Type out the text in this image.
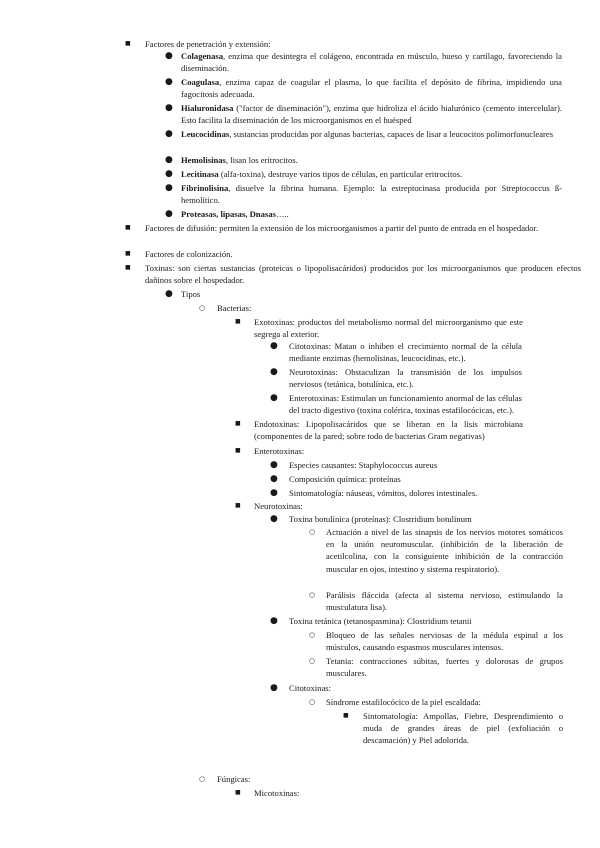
■ Factores de penetración y extensión:

● Colagenasa, enzima que desintegra el colágeno, encontrada en músculo, hueso y cartílago, favoreciendo la diseminación.

● Coagulasa, enzima capaz de coagular el plasma, lo que facilita el depósito de fibrina, impidiendo una fagocitosis adecuada.

● Hialuronidasa ("factor de diseminación"), enzima que hidroliza el ácido hialurónico (cemento intercelular). Esto facilita la diseminación de los microorganismos en el huésped

● Leucocidinas, sustancias producidas por algunas bacterias, capaces de lisar a leucocitos polimorfonucleares

● Hemolisinas, lisan los eritrocitos.

● Lecitinasa (alfa-toxina), destruye varios tipos de células, en particular eritrocitos.

● Fibrinolisina, disuelve la fibrina humana. Ejemplo: la estreptocinasa producida por Streptococcus ß-hemolítico.

● Proteasas, lipasas, Dnasas…..

■ Factores de difusión: permiten la extensión de los microorganismos a partir del punto de entrada en el hospedador.

■ Factores de colonización.

■ Toxinas: son ciertas sustancias (proteicas o lipopolisacáridos) producidos por los microorganismos que producen efectos dañinos sobre el hospedador.

● Tipos

○ Bacterias:

■ Exotoxinas: productos del metabolismo normal del microorganismo que este segrega al exterior.

● Citotoxinas: Matan o inhiben el crecimiento normal de la célula mediante enzimas (hemolisinas, leucocidinas, etc.).

● Neurotoxinas: Obstaculizan la transmisión de los impulsos nerviosos (tetánica, botulínica, etc.).

● Enterotoxinas: Estimulan un funcionamiento anormal de las células del tracto digestivo (toxina colérica, toxinas estafilocócicas, etc.).

■ Endotoxinas: Lipopolisacáridos que se liberan en la lisis microbiana (componentes de la pared; sobre todo de bacterias Gram negativas)

■ Enterotoxinas:

● Especies causantes: Staphylococcus aureus

● Composición química: proteínas

● Sintomatología: náuseas, vómitos, dolores intestinales.

■ Neurotoxinas:

● Toxina botulínica (proteínas): Clostridium botulinum

○ Actuación a nivel de las sinapsis de los nervios motores somáticos en la unión neuromuscular. (inhibición de la liberación de acetilcolina, con la consiguiente inhibición de la contracción muscular en ojos, intestino y sistema respiratorio).

○ Parálisis fláccida (afecta al sistema nervioso, estimulando la musculatura lisa).

● Toxina tetánica (tetanospasmina): Clostridium tetanii

○ Bloqueo de las señales nerviosas de la médula espinal a los músculos, causando espasmos musculares intensos.

○ Tetania: contracciones súbitas, fuertes y dolorosas de grupos musculares.

● Citotoxinas:

○ Síndrome estafilocócico de la piel escaldada:

■ Sintomatología: Ampollas, Fiebre, Desprendimiento o muda de grandes áreas de piel (exfoliación o descamación) y Piel adolorida.

○ Fúngicas:

■ Micotoxinas:
